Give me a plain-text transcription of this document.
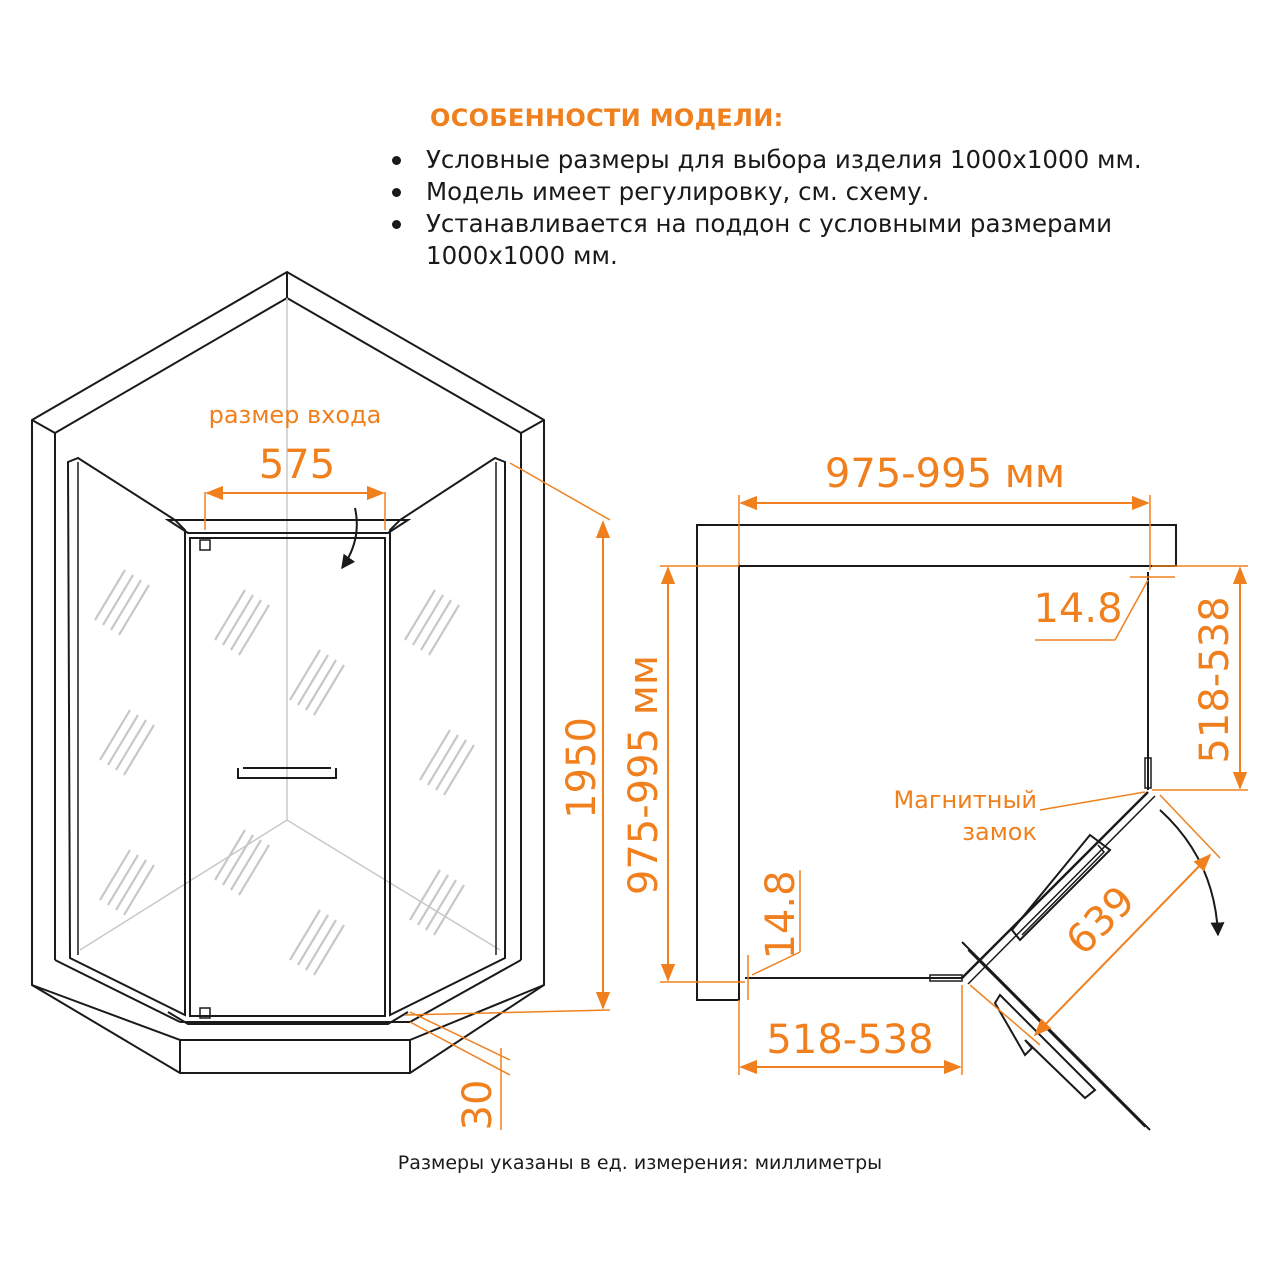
размер входа
575
1950
30
975-995 мм
975-995 мм
14.8 518-538
14.8
518-538
639
Магнитный
замок
ОСОБЕННОСТИ МОДЕЛИ:
Условные размеры для выбора изделия 1000х1000 мм.
Модель имеет регулировку, см. схему.
Устанавливается на поддон с условными размерами
1000х1000 мм.
Размеры указаны в ед. измерения: миллиметры
